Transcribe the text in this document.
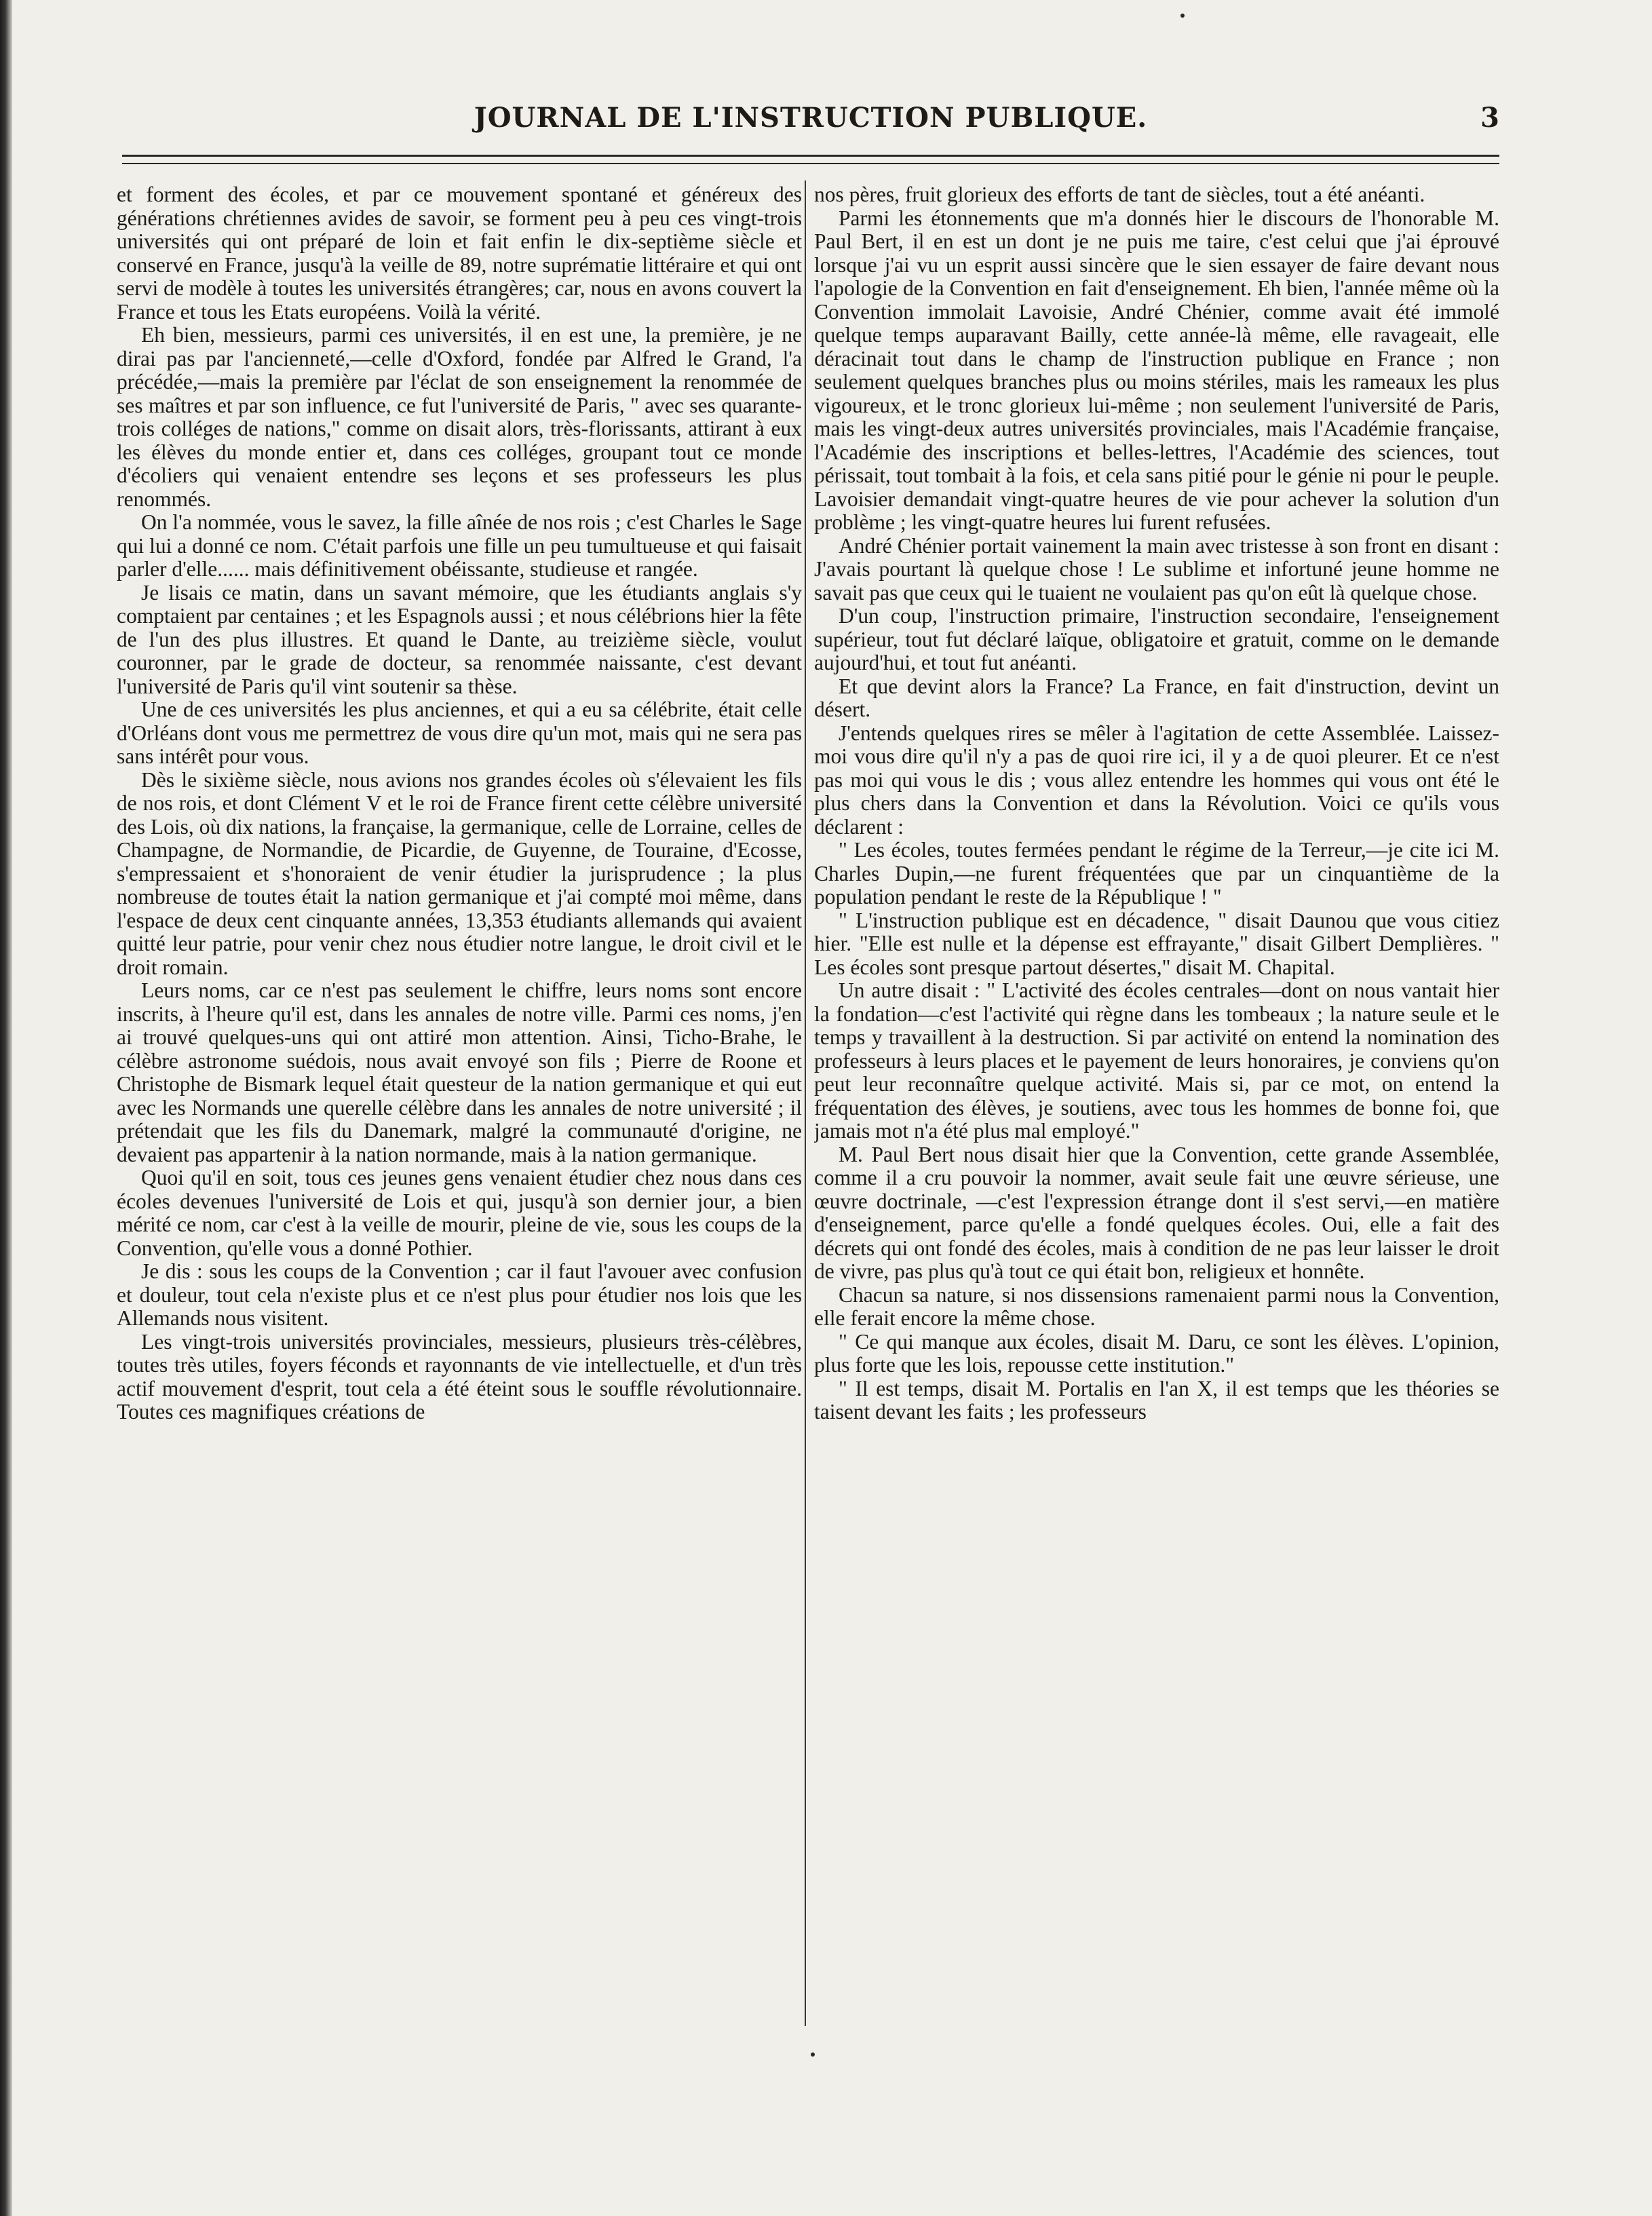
JOURNAL DE L'INSTRUCTION PUBLIQUE.	3

et forment des écoles, et par ce mouvement spontané et généreux des générations chrétiennes avides de savoir, se forment peu à peu ces vingt-trois universités qui ont préparé de loin et fait enfin le dix-septième siècle et conservé en France, jusqu'à la veille de 89, notre suprématie littéraire et qui ont servi de modèle à toutes les universités étrangères; car, nous en avons couvert la France et tous les Etats européens. Voilà la vérité.

Eh bien, messieurs, parmi ces universités, il en est une, la première, je ne dirai pas par l'ancienneté,—celle d'Oxford, fondée par Alfred le Grand, l'a précédée,—mais la première par l'éclat de son enseignement la renommée de ses maîtres et par son influence, ce fut l'université de Paris, " avec ses quarante-trois colléges de nations," comme on disait alors, très-florissants, attirant à eux les élèves du monde entier et, dans ces colléges, groupant tout ce monde d'écoliers qui venaient entendre ses leçons et ses professeurs les plus renommés.

On l'a nommée, vous le savez, la fille aînée de nos rois ; c'est Charles le Sage qui lui a donné ce nom. C'était parfois une fille un peu tumultueuse et qui faisait parler d'elle...... mais définitivement obéissante, studieuse et rangée.

Je lisais ce matin, dans un savant mémoire, que les étudiants anglais s'y comptaient par centaines ; et les Espagnols aussi ; et nous célébrions hier la fête de l'un des plus illustres. Et quand le Dante, au treizième siècle, voulut couronner, par le grade de docteur, sa renommée naissante, c'est devant l'université de Paris qu'il vint soutenir sa thèse.

Une de ces universités les plus anciennes, et qui a eu sa célébrite, était celle d'Orléans dont vous me permettrez de vous dire qu'un mot, mais qui ne sera pas sans intérêt pour vous.

Dès le sixième siècle, nous avions nos grandes écoles où s'élevaient les fils de nos rois, et dont Clément V et le roi de France firent cette célèbre université des Lois, où dix nations, la française, la germanique, celle de Lorraine, celles de Champagne, de Normandie, de Picardie, de Guyenne, de Touraine, d'Ecosse, s'empressaient et s'honoraient de venir étudier la jurisprudence ; la plus nombreuse de toutes était la nation germanique et j'ai compté moi même, dans l'espace de deux cent cinquante années, 13,353 étudiants allemands qui avaient quitté leur patrie, pour venir chez nous étudier notre langue, le droit civil et le droit romain.

Leurs noms, car ce n'est pas seulement le chiffre, leurs noms sont encore inscrits, à l'heure qu'il est, dans les annales de notre ville. Parmi ces noms, j'en ai trouvé quelques-uns qui ont attiré mon attention. Ainsi, Ticho-Brahe, le célèbre astronome suédois, nous avait envoyé son fils ; Pierre de Roone et Christophe de Bismark lequel était questeur de la nation germanique et qui eut avec les Normands une querelle célèbre dans les annales de notre université ; il prétendait que les fils du Danemark, malgré la communauté d'origine, ne devaient pas appartenir à la nation normande, mais à la nation germanique.

Quoi qu'il en soit, tous ces jeunes gens venaient étudier chez nous dans ces écoles devenues l'université de Lois et qui, jusqu'à son dernier jour, a bien mérité ce nom, car c'est à la veille de mourir, pleine de vie, sous les coups de la Convention, qu'elle vous a donné Pothier.

Je dis : sous les coups de la Convention ; car il faut l'avouer avec confusion et douleur, tout cela n'existe plus et ce n'est plus pour étudier nos lois que les Allemands nous visitent.

Les vingt-trois universités provinciales, messieurs, plusieurs très-célèbres, toutes très utiles, foyers féconds et rayonnants de vie intellectuelle, et d'un très actif mouvement d'esprit, tout cela a été éteint sous le souffle révolutionnaire. Toutes ces magnifiques créations de

nos pères, fruit glorieux des efforts de tant de siècles, tout a été anéanti.

Parmi les étonnements que m'a donnés hier le discours de l'honorable M. Paul Bert, il en est un dont je ne puis me taire, c'est celui que j'ai éprouvé lorsque j'ai vu un esprit aussi sincère que le sien essayer de faire devant nous l'apologie de la Convention en fait d'enseignement. Eh bien, l'année même où la Convention immolait Lavoisie, André Chénier, comme avait été immolé quelque temps auparavant Bailly, cette année-là même, elle ravageait, elle déracinait tout dans le champ de l'instruction publique en France ; non seulement quelques branches plus ou moins stériles, mais les rameaux les plus vigoureux, et le tronc glorieux lui-même ; non seulement l'université de Paris, mais les vingt-deux autres universités provinciales, mais l'Académie française, l'Académie des inscriptions et belles-lettres, l'Académie des sciences, tout périssait, tout tombait à la fois, et cela sans pitié pour le génie ni pour le peuple. Lavoisier demandait vingt-quatre heures de vie pour achever la solution d'un problème ; les vingt-quatre heures lui furent refusées.

André Chénier portait vainement la main avec tristesse à son front en disant : J'avais pourtant là quelque chose ! Le sublime et infortuné jeune homme ne savait pas que ceux qui le tuaient ne voulaient pas qu'on eût là quelque chose.

D'un coup, l'instruction primaire, l'instruction secondaire, l'enseignement supérieur, tout fut déclaré laïque, obligatoire et gratuit, comme on le demande aujourd'hui, et tout fut anéanti.

Et que devint alors la France? La France, en fait d'instruction, devint un désert.

J'entends quelques rires se mêler à l'agitation de cette Assemblée. Laissez-moi vous dire qu'il n'y a pas de quoi rire ici, il y a de quoi pleurer. Et ce n'est pas moi qui vous le dis ; vous allez entendre les hommes qui vous ont été le plus chers dans la Convention et dans la Révolution. Voici ce qu'ils vous déclarent :

" Les écoles, toutes fermées pendant le régime de la Terreur,—je cite ici M. Charles Dupin,—ne furent fréquentées que par un cinquantième de la population pendant le reste de la République ! "

" L'instruction publique est en décadence, " disait Daunou que vous citiez hier. "Elle est nulle et la dépense est effrayante," disait Gilbert Demplières. " Les écoles sont presque partout désertes," disait M. Chapital.

Un autre disait : " L'activité des écoles centrales—dont on nous vantait hier la fondation—c'est l'activité qui règne dans les tombeaux ; la nature seule et le temps y travaillent à la destruction. Si par activité on entend la nomination des professeurs à leurs places et le payement de leurs honoraires, je conviens qu'on peut leur reconnaître quelque activité. Mais si, par ce mot, on entend la fréquentation des élèves, je soutiens, avec tous les hommes de bonne foi, que jamais mot n'a été plus mal employé."

M. Paul Bert nous disait hier que la Convention, cette grande Assemblée, comme il a cru pouvoir la nommer, avait seule fait une œuvre sérieuse, une œuvre doctrinale, —c'est l'expression étrange dont il s'est servi,—en matière d'enseignement, parce qu'elle a fondé quelques écoles. Oui, elle a fait des décrets qui ont fondé des écoles, mais à condition de ne pas leur laisser le droit de vivre, pas plus qu'à tout ce qui était bon, religieux et honnête.

Chacun sa nature, si nos dissensions ramenaient parmi nous la Convention, elle ferait encore la même chose.

" Ce qui manque aux écoles, disait M. Daru, ce sont les élèves. L'opinion, plus forte que les lois, repousse cette institution."

" Il est temps, disait M. Portalis en l'an X, il est temps que les théories se taisent devant les faits ; les professeurs
